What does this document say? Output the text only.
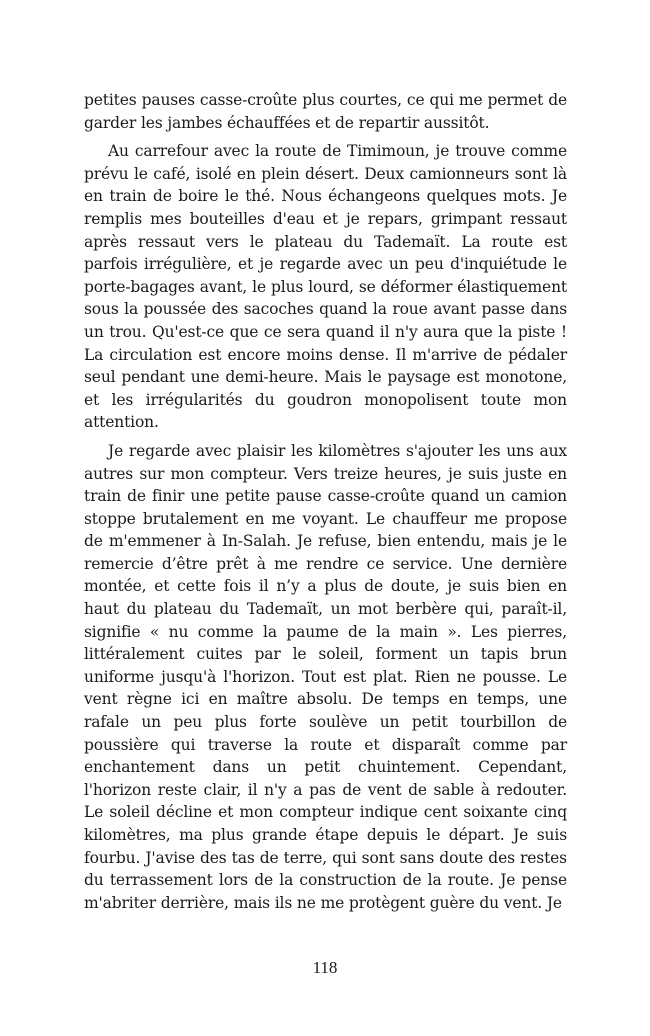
petites pauses casse-croûte plus courtes, ce qui me permet de garder les jambes échauffées et de repartir aussitôt.

Au carrefour avec la route de Timimoun, je trouve comme prévu le café, isolé en plein désert. Deux camionneurs sont là en train de boire le thé. Nous échangeons quelques mots. Je remplis mes bouteilles d'eau et je repars, grimpant ressaut après ressaut vers le plateau du Tademaït. La route est parfois irrégulière, et je regarde avec un peu d'inquiétude le porte-bagages avant, le plus lourd, se déformer élastiquement sous la poussée des sacoches quand la roue avant passe dans un trou. Qu'est-ce que ce sera quand il n'y aura que la piste ! La circulation est encore moins dense. Il m'arrive de pédaler seul pendant une demi-heure. Mais le paysage est monotone, et les irrégularités du goudron monopolisent toute mon attention.

Je regarde avec plaisir les kilomètres s'ajouter les uns aux autres sur mon compteur. Vers treize heures, je suis juste en train de finir une petite pause casse-croûte quand un camion stoppe brutalement en me voyant. Le chauffeur me propose de m'emmener à In-Salah. Je refuse, bien entendu, mais je le remercie d’être prêt à me rendre ce service. Une dernière montée, et cette fois il n’y a plus de doute, je suis bien en haut du plateau du Tademaït, un mot berbère qui, paraît-il, signifie « nu comme la paume de la main ». Les pierres, littéralement cuites par le soleil, forment un tapis brun uniforme jusqu'à l'horizon. Tout est plat. Rien ne pousse. Le vent règne ici en maître absolu. De temps en temps, une rafale un peu plus forte soulève un petit tourbillon de poussière qui traverse la route et disparaît comme par enchantement dans un petit chuintement. Cependant, l'horizon reste clair, il n'y a pas de vent de sable à redouter. Le soleil décline et mon compteur indique cent soixante cinq kilomètres, ma plus grande étape depuis le départ. Je suis fourbu. J'avise des tas de terre, qui sont sans doute des restes du terrassement lors de la construction de la route. Je pense m'abriter derrière, mais ils ne me protègent guère du vent. Je

118
